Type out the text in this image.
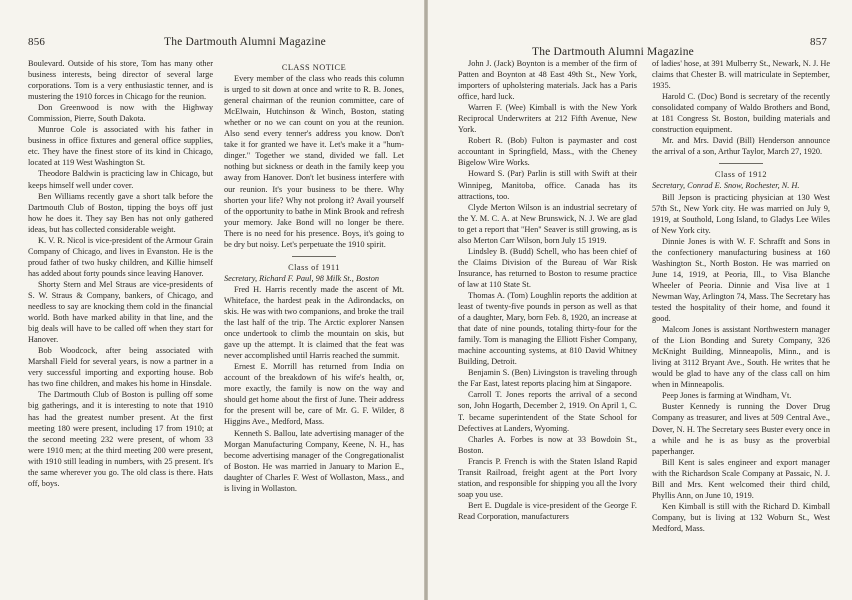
856	The Dartmouth Alumni Magazine

Boulevard. Outside of his store, Tom has many other business interests, being director of several large corporations. Tom is a very enthusiastic tenner, and is mustering the 1910 forces in Chicago for the reunion.

Don Greenwood is now with the Highway Commission, Pierre, South Dakota.

Munroe Cole is associated with his father in business in office fixtures and general office supplies, etc. They have the finest store of its kind in Chicago, located at 119 West Washington St.

Theodore Baldwin is practicing law in Chicago, but keeps himself well under cover.

Ben Williams recently gave a short talk before the Dartmouth Club of Boston, tipping the boys off just how he does it. They say Ben has not only gathered ideas, but has collected considerable weight.

K. V. R. Nicol is vice-president of the Armour Grain Company of Chicago, and lives in Evanston. He is the proud father of two husky children, and Killie himself has added about forty pounds since leaving Hanover.

Shorty Stern and Mel Straus are vice-presidents of S. W. Straus & Company, bankers, of Chicago, and needless to say are knocking them cold in the financial world. Both have marked ability in that line, and the big deals will have to be called off when they start for Hanover.

Bob Woodcock, after being associated with Marshall Field for several years, is now a partner in a very successful importing and exporting house. Bob has two fine children, and makes his home in Hinsdale.

The Dartmouth Club of Boston is pulling off some big gatherings, and it is interesting to note that 1910 has had the greatest number present. At the first meeting 180 were present, including 17 from 1910; at the second meeting 232 were present, of whom 33 were 1910 men; at the third meeting 200 were present, with 1910 still leading in numbers, with 25 present. It's the same wherever you go. The old class is there. Hats off, boys.

CLASS NOTICE

Every member of the class who reads this column is urged to sit down at once and write to R. B. Jones, general chairman of the reunion committee, care of McElwain, Hutchinson & Winch, Boston, stating whether or no we can count on you at the reunion. Also send every tenner's address you know. Don't take it for granted we have it. Let's make it a "hum-dinger." Together we stand, divided we fall. Let nothing but sickness or death in the family keep you away from Hanover. Don't let business interfere with our reunion. It's your business to be there. Why shorten your life? Why not prolong it? Avail yourself of the opportunity to bathe in Mink Brook and refresh your memory. Jake Bond will no longer be there. There is no need for his presence. Boys, it's going to be dry but noisy. Let's perpetuate the 1910 spirit.

Class of 1911

Secretary, Richard F. Paul, 98 Milk St., Boston

Fred H. Harris recently made the ascent of Mt. Whiteface, the hardest peak in the Adirondacks, on skis. He was with two companions, and broke the trail the last half of the trip. The Arctic explorer Nansen once undertook to climb the mountain on skis, but gave up the attempt. It is claimed that the feat was never accomplished until Harris reached the summit.

Ernest E. Morrill has returned from India on account of the breakdown of his wife's health, or, more exactly, the family is now on the way and should get home about the first of June. Their address for the present will be, care of Mr. G. F. Wilder, 8 Higgins Ave., Medford, Mass.

Kenneth S. Ballou, late advertising manager of the Morgan Manufacturing Company, Keene, N. H., has become advertising manager of the Congregationalist of Boston. He was married in January to Marion E., daughter of Charles F. West of Wollaston, Mass., and is living in Wollaston.

The Dartmouth Alumni Magazine
857

John J. (Jack) Boynton is a member of the firm of Patten and Boynton at 48 East 49th St., New York, importers of upholstering materials. Jack has a Paris office, hard luck.

Warren F. (Wee) Kimball is with the New York Reciprocal Underwriters at 212 Fifth Avenue, New York.

Robert R. (Bob) Fulton is paymaster and cost accountant in Springfield, Mass., with the Cheney Bigelow Wire Works.

Howard S. (Par) Parlin is still with Swift at their Winnipeg, Manitoba, office. Canada has its attractions, too.

Clyde Merton Wilson is an industrial secretary of the Y. M. C. A. at New Brunswick, N. J. We are glad to get a report that "Hen" Seaver is still growing, as is also Merton Carr Wilson, born July 15 1919.

Lindsley B. (Budd) Schell, who has been chief of the Claims Division of the Bureau of War Risk Insurance, has returned to Boston to resume practice of law at 110 State St.

Thomas A. (Tom) Loughlin reports the addition at least of twenty-five pounds in person as well as that of a daughter, Mary, born Feb. 8, 1920, an increase at that date of nine pounds, totaling thirty-four for the family. Tom is managing the Elliott Fisher Company, machine accounting systems, at 810 David Whitney Building, Detroit.

Benjamin S. (Ben) Livingston is traveling through the Far East, latest reports placing him at Singapore.

Carroll T. Jones reports the arrival of a second son, John Hogarth, December 2, 1919. On April 1, C. T. became superintendent of the State School for Defectives at Landers, Wyoming.

Charles A. Forbes is now at 33 Bowdoin St., Boston.

Francis P. French is with the Staten Island Rapid Transit Railroad, freight agent at the Port Ivory station, and responsible for shipping you all the Ivory soap you use.

Bert E. Dugdale is vice-president of the George F. Read Corporation, manufacturers

of ladies' hose, at 391 Mulberry St., Newark, N. J. He claims that Chester B. will matriculate in September, 1935.

Harold C. (Doc) Bond is secretary of the recently consolidated company of Waldo Brothers and Bond, at 181 Congress St. Boston, building materials and construction equipment.

Mr. and Mrs. David (Bill) Henderson announce the arrival of a son, Arthur Taylor, March 27, 1920.

Class of 1912

Secretary, Conrad E. Snow, Rochester, N. H.

Bill Jepson is practicing physician at 130 West 57th St., New York city. He was married on July 9, 1919, at Southold, Long Island, to Gladys Lee Wiles of New York city.

Dinnie Jones is with W. F. Schrafft and Sons in the confectionery manufacturing business at 160 Washington St., North Boston. He was married on June 14, 1919, at Peoria, Ill., to Visa Blanche Wheeler of Peoria. Dinnie and Visa live at 1 Newman Way, Arlington 74, Mass. The Secretary has tested the hospitality of their home, and found it good.

Malcom Jones is assistant Northwestern manager of the Lion Bonding and Surety Company, 326 McKnight Building, Minneapolis, Minn., and is living at 3112 Bryant Ave., South. He writes that he would be glad to have any of the class call on him when in Minneapolis.

Peep Jones is farming at Windham, Vt.

Buster Kennedy is running the Dover Drug Company as treasurer, and lives at 509 Central Ave., Dover, N. H. The Secretary sees Buster every once in a while and he is as busy as the proverbial paperhanger.

Bill Kent is sales engineer and export manager with the Richardson Scale Company at Passaic, N. J. Bill and Mrs. Kent welcomed their third child, Phyllis Ann, on June 10, 1919.

Ken Kimball is still with the Richard D. Kimball Company, but is living at 132 Woburn St., West Medford, Mass.
